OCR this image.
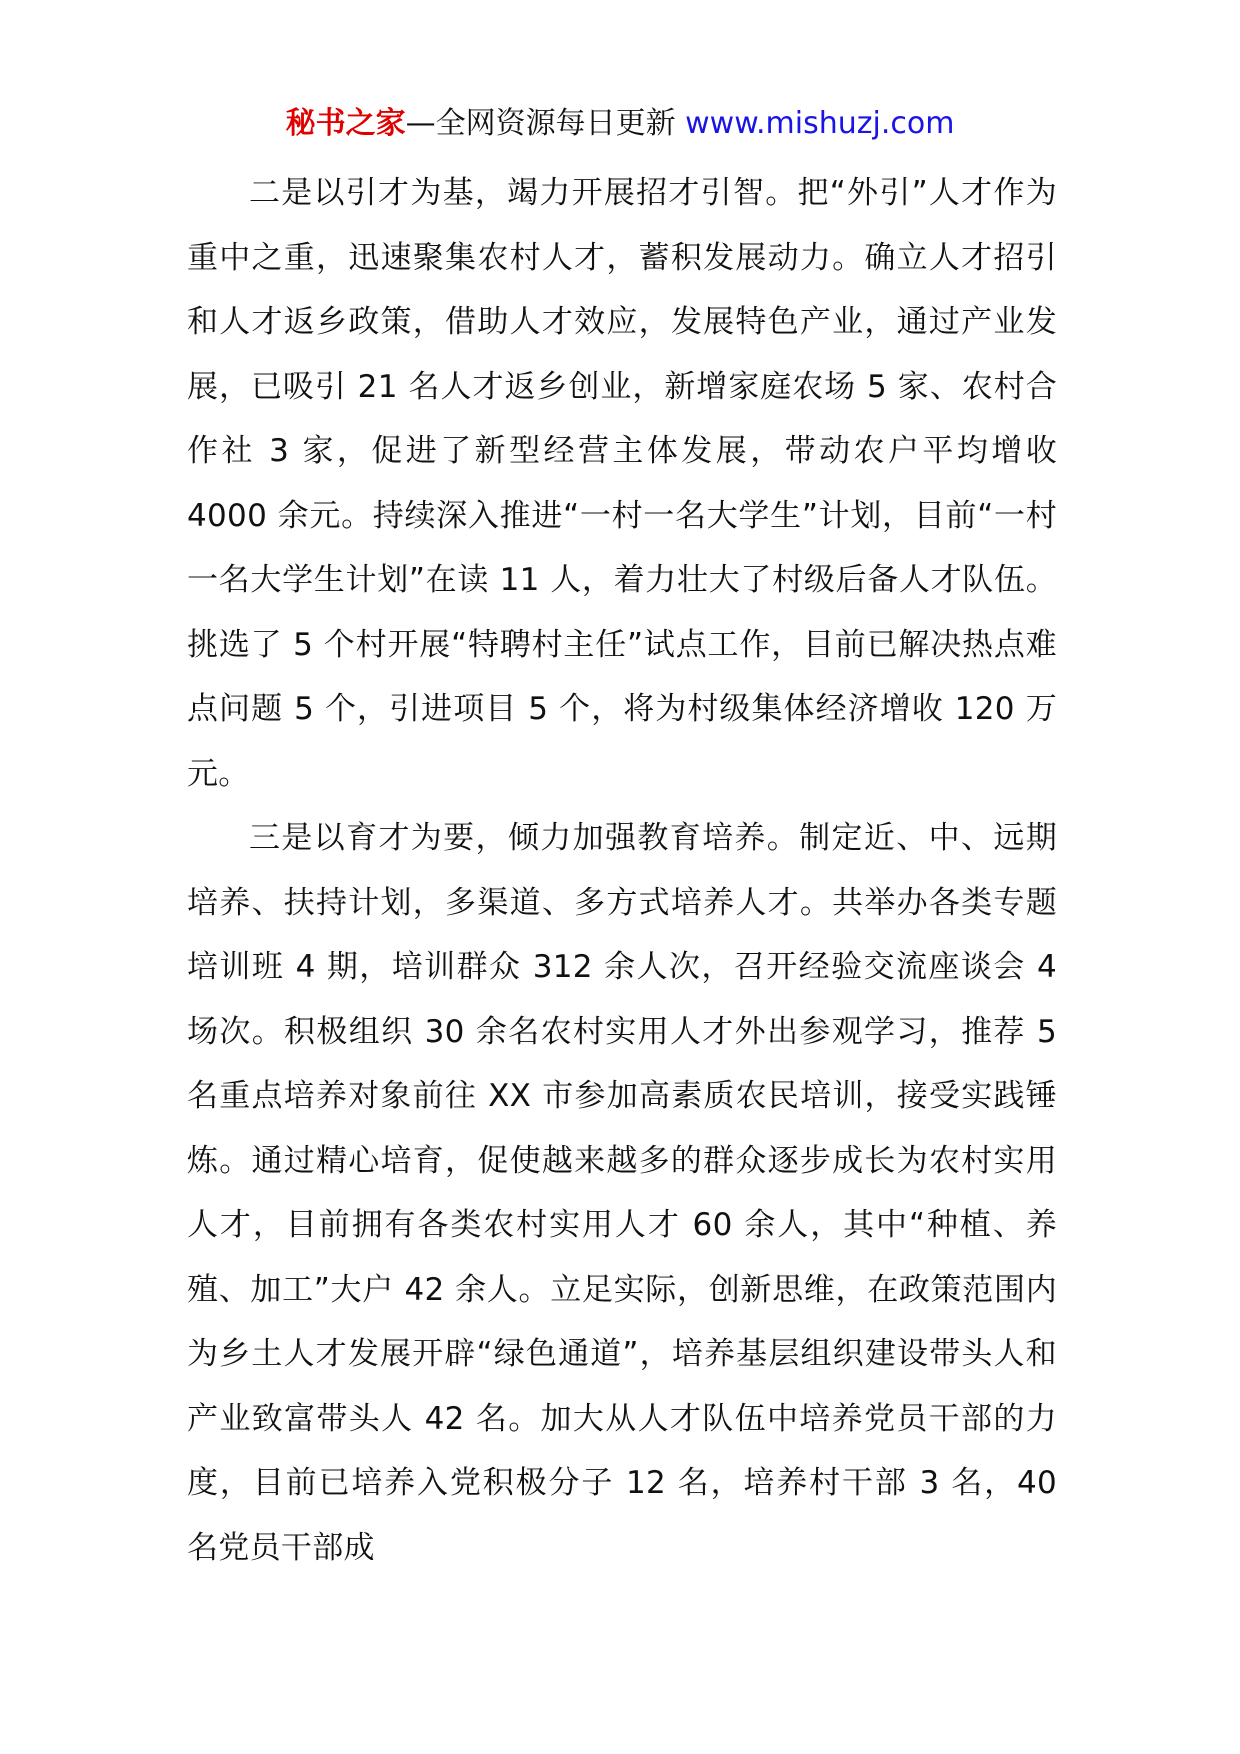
秘书之家—全网资源每日更新 www.mishuzj.com

二是以引才为基，竭力开展招才引智。把“外引”人才作为重中之重，迅速聚集农村人才，蓄积发展动力。确立人才招引和人才返乡政策，借助人才效应，发展特色产业，通过产业发展，已吸引 21 名人才返乡创业，新增家庭农场 5 家、农村合作社 3 家，促进了新型经营主体发展，带动农户平均增收 4000 余元。持续深入推进“一村一名大学生”计划，目前“一村一名大学生计划”在读 11 人，着力壮大了村级后备人才队伍。挑选了 5 个村开展“特聘村主任”试点工作，目前已解决热点难点问题 5 个，引进项目 5 个，将为村级集体经济增收 120 万元。

三是以育才为要，倾力加强教育培养。制定近、中、远期培养、扶持计划，多渠道、多方式培养人才。共举办各类专题培训班 4 期，培训群众 312 余人次，召开经验交流座谈会 4 场次。积极组织 30 余名农村实用人才外出参观学习，推荐 5 名重点培养对象前往 XX 市参加高素质农民培训，接受实践锤炼。通过精心培育，促使越来越多的群众逐步成长为农村实用人才，目前拥有各类农村实用人才 60 余人，其中“种植、养殖、加工”大户 42 余人。立足实际，创新思维，在政策范围内为乡土人才发展开辟“绿色通道”，培养基层组织建设带头人和产业致富带头人 42 名。加大从人才队伍中培养党员干部的力度，目前已培养入党积极分子 12 名，培养村干部 3 名，40 名党员干部成
